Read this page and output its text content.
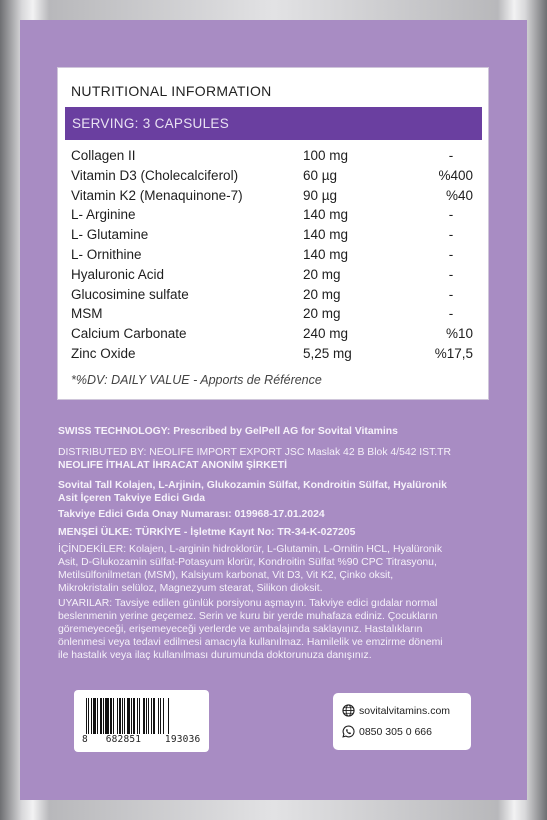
NUTRITIONAL INFORMATION
SERVING: 3 CAPSULES
Collagen II	100 mg	-
Vitamin D3 (Cholecalciferol)	60 µg	%400
Vitamin K2 (Menaquinone-7)	90 µg	%40
L- Arginine	140 mg	-
L- Glutamine	140 mg	-
L- Ornithine	140 mg	-
Hyaluronic Acid	20 mg	-
Glucosimine sulfate	20 mg	-
MSM	20 mg	-
Calcium Carbonate	240 mg	%10
Zinc Oxide	5,25 mg	%17,5
*%DV: DAILY VALUE - Apports de Référence
SWISS TECHNOLOGY: Prescribed by GelPell AG for Sovital Vitamins
DISTRIBUTED BY: NEOLIFE IMPORT EXPORT JSC Maslak 42 B Blok 4/542 IST.TR
NEOLIFE İTHALAT İHRACAT ANONİM ŞİRKETİ
Sovital Tall Kolajen, L-Arjinin, Glukozamin Sülfat, Kondroitin Sülfat, Hyalüronik
Asit İçeren Takviye Edici Gıda
Takviye Edici Gıda Onay Numarası: 019968-17.01.2024
MENŞEİ ÜLKE: TÜRKİYE - İşletme Kayıt No: TR-34-K-027205
İÇİNDEKİLER: Kolajen, L-arginin hidroklorür, L-Glutamin, L-Ornitin HCL, Hyalüronik
Asit, D-Glukozamin sülfat-Potasyum klorür, Kondroitin Sülfat %90 CPC Titrasyonu,
Metilsülfonilmetan (MSM), Kalsiyum karbonat, Vit D3, Vit K2, Çinko oksit,
Mikrokristalin selüloz, Magnezyum stearat, Silikon dioksit.
UYARILAR: Tavsiye edilen günlük porsiyonu aşmayın. Takviye edici gıdalar normal
beslenmenin yerine geçemez. Serin ve kuru bir yerde muhafaza ediniz. Çocukların
göremeyeceği, erişemeyeceği yerlerde ve ambalajında saklayınız. Hastalıkların
önlenmesi veya tedavi edilmesi amacıyla kullanılmaz. Hamilelik ve emzirme dönemi
ile hastalık veya ilaç kullanılması durumunda doktorunuza danışınız.
8 682851 193036
sovitalvitamins.com
0850 305 0 666
